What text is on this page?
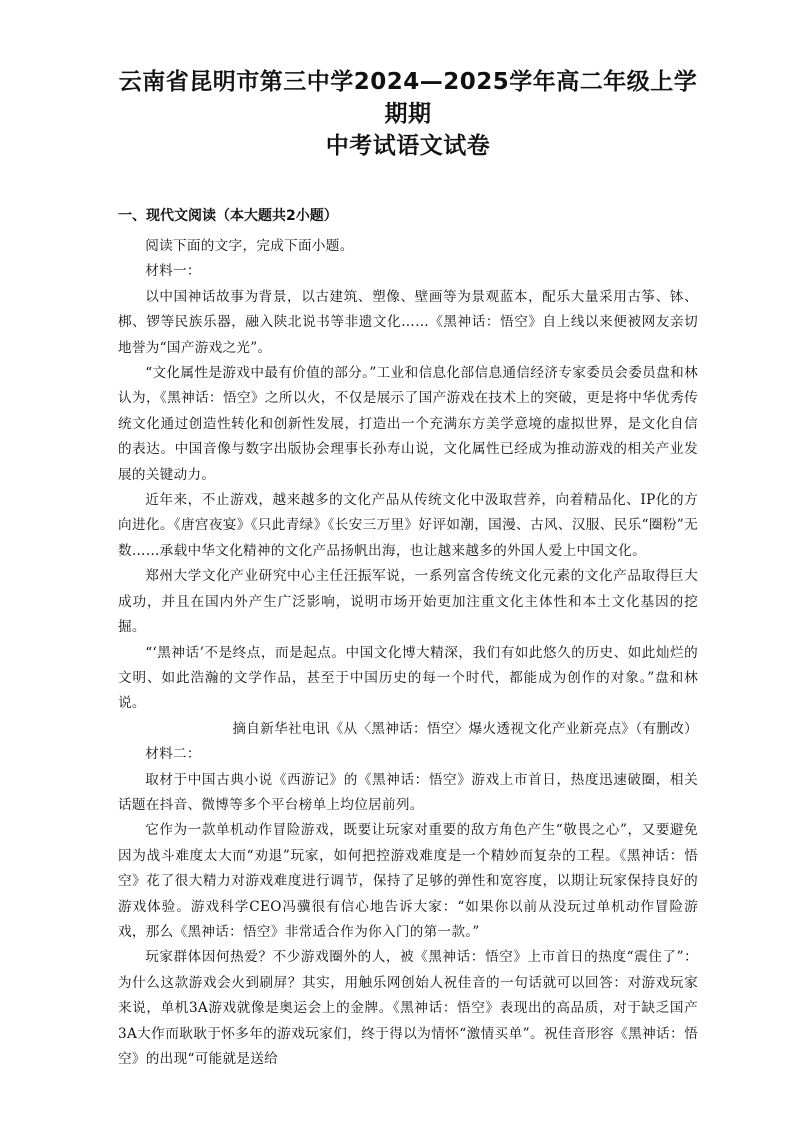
云南省昆明市第三中学2024—2025学年高二年级上学期期
中考试语文试卷
一、现代文阅读（本大题共2小题）

阅读下面的文字，完成下面小题。

材料一：

以中国神话故事为背景，以古建筑、塑像、壁画等为景观蓝本，配乐大量采用古筝、钵、梆、锣等民族乐器，融入陕北说书等非遗文化……《黑神话：悟空》自上线以来便被网友亲切地誉为“国产游戏之光”。

“文化属性是游戏中最有价值的部分。”工业和信息化部信息通信经济专家委员会委员盘和林认为，《黑神话：悟空》之所以火，不仅是展示了国产游戏在技术上的突破，更是将中华优秀传统文化通过创造性转化和创新性发展，打造出一个充满东方美学意境的虚拟世界，是文化自信的表达。中国音像与数字出版协会理事长孙寿山说，文化属性已经成为推动游戏的相关产业发展的关键动力。

近年来，不止游戏，越来越多的文化产品从传统文化中汲取营养，向着精品化、IP化的方向进化。《唐宫夜宴》《只此青绿》《长安三万里》好评如潮，国漫、古风、汉服、民乐“圈粉”无数……承载中华文化精神的文化产品扬帆出海，也让越来越多的外国人爱上中国文化。

郑州大学文化产业研究中心主任汪振军说，一系列富含传统文化元素的文化产品取得巨大成功，并且在国内外产生广泛影响，说明市场开始更加注重文化主体性和本土文化基因的挖掘。

“‘黑神话’不是终点，而是起点。中国文化博大精深，我们有如此悠久的历史、如此灿烂的文明、如此浩瀚的文学作品，甚至于中国历史的每一个时代，都能成为创作的对象。”盘和林说。

摘自新华社电讯《从〈黑神话：悟空〉爆火透视文化产业新亮点》（有删改）

材料二：

取材于中国古典小说《西游记》的《黑神话：悟空》游戏上市首日，热度迅速破圈，相关话题在抖音、微博等多个平台榜单上均位居前列。

它作为一款单机动作冒险游戏，既要让玩家对重要的敌方角色产生“敬畏之心”，又要避免因为战斗难度太大而“劝退”玩家，如何把控游戏难度是一个精妙而复杂的工程。《黑神话：悟空》花了很大精力对游戏难度进行调节，保持了足够的弹性和宽容度，以期让玩家保持良好的游戏体验。游戏科学CEO冯骥很有信心地告诉大家：“如果你以前从没玩过单机动作冒险游戏，那么《黑神话：悟空》非常适合作为你入门的第一款。”

玩家群体因何热爱？不少游戏圈外的人，被《黑神话：悟空》上市首日的热度“震住了”：为什么这款游戏会火到刷屏？其实，用触乐网创始人祝佳音的一句话就可以回答：对游戏玩家来说，单机3A游戏就像是奥运会上的金牌。《黑神话：悟空》表现出的高品质，对于缺乏国产3A大作而耿耿于怀多年的游戏玩家们，终于得以为情怀“激情买单”。祝佳音形容《黑神话：悟空》的出现“可能就是送给
